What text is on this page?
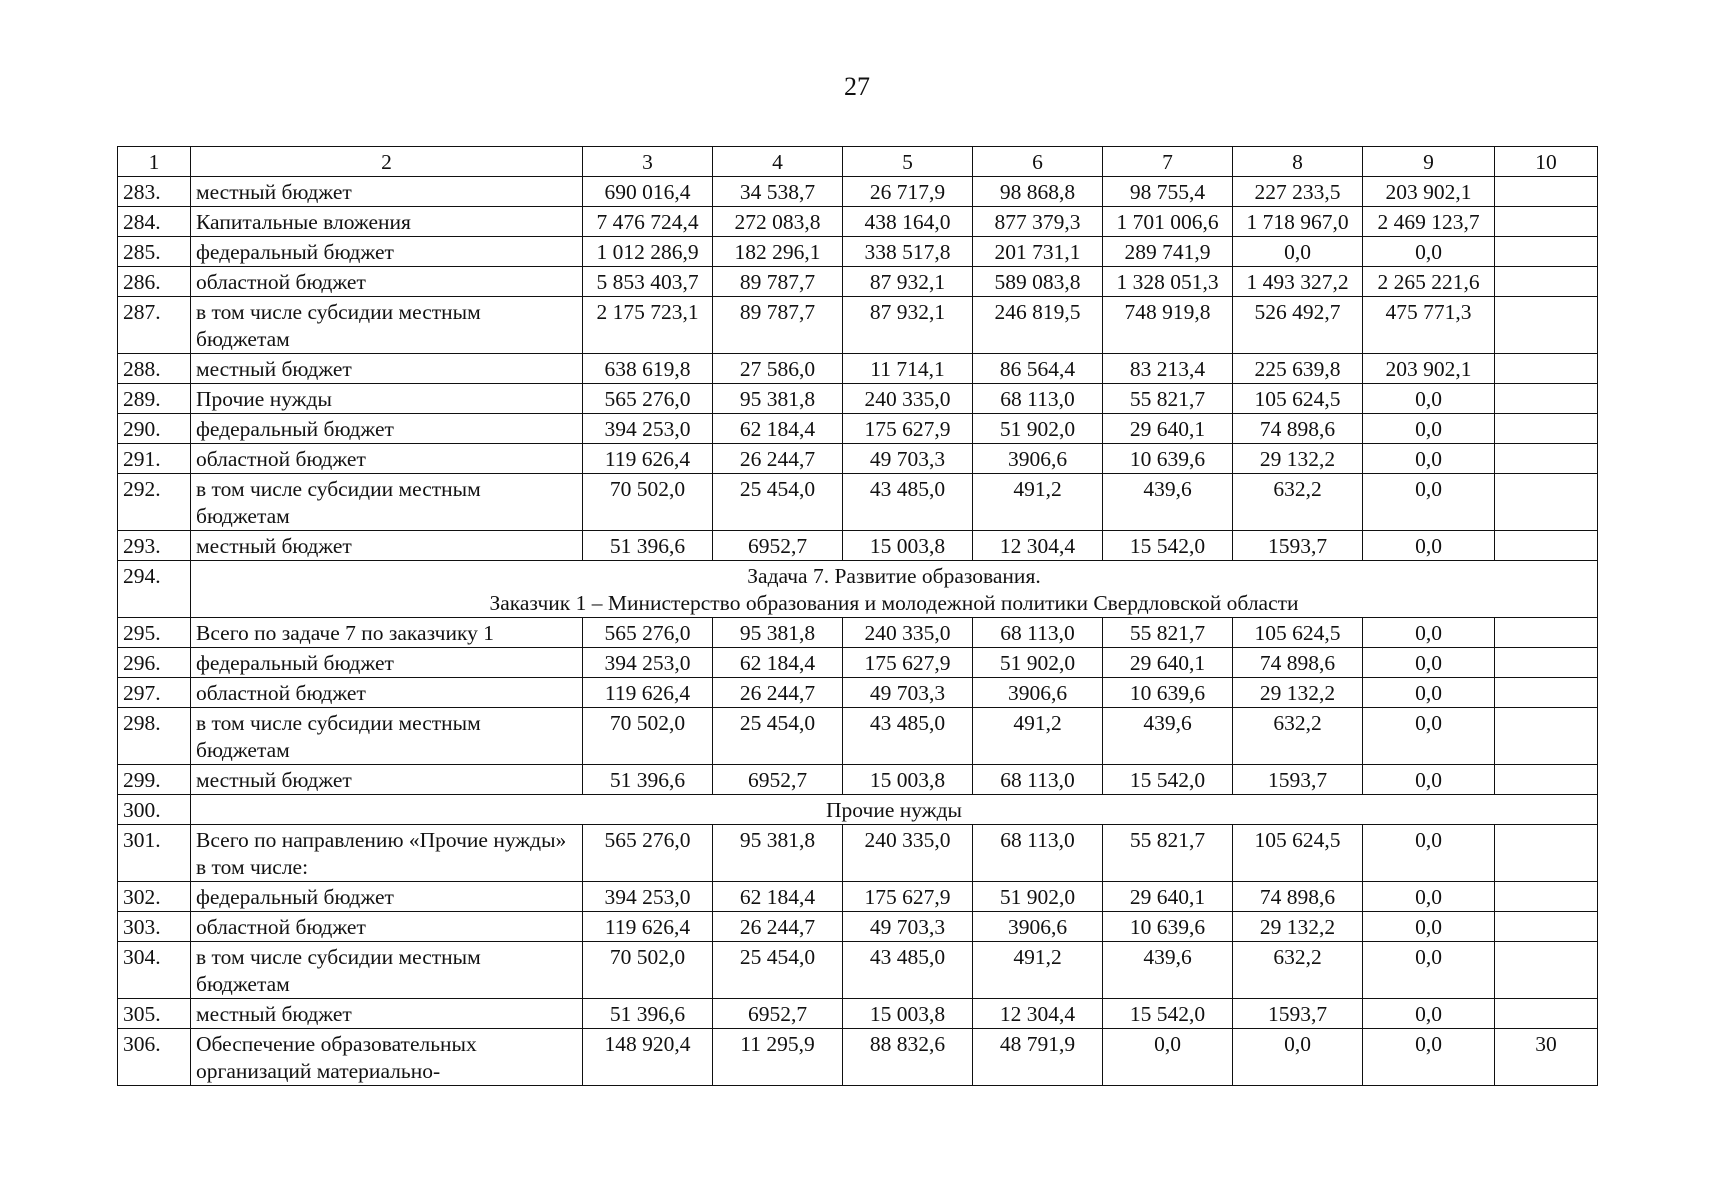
27
1	2	3	4	5	6	7	8	9	10
283.	местный бюджет	690 016,4	34 538,7	26 717,9	98 868,8	98 755,4	227 233,5	203 902,1	
284.	Капитальные вложения	7 476 724,4	272 083,8	438 164,0	877 379,3	1 701 006,6	1 718 967,0	2 469 123,7	
285.	федеральный бюджет	1 012 286,9	182 296,1	338 517,8	201 731,1	289 741,9	0,0	0,0	
286.	областной бюджет	5 853 403,7	89 787,7	87 932,1	589 083,8	1 328 051,3	1 493 327,2	2 265 221,6	
287.	в том числе субсидии местным бюджетам	2 175 723,1	89 787,7	87 932,1	246 819,5	748 919,8	526 492,7	475 771,3	
288.	местный бюджет	638 619,8	27 586,0	11 714,1	86 564,4	83 213,4	225 639,8	203 902,1	
289.	Прочие нужды	565 276,0	95 381,8	240 335,0	68 113,0	55 821,7	105 624,5	0,0	
290.	федеральный бюджет	394 253,0	62 184,4	175 627,9	51 902,0	29 640,1	74 898,6	0,0	
291.	областной бюджет	119 626,4	26 244,7	49 703,3	3906,6	10 639,6	29 132,2	0,0	
292.	в том числе субсидии местным бюджетам	70 502,0	25 454,0	43 485,0	491,2	439,6	632,2	0,0	
293.	местный бюджет	51 396,6	6952,7	15 003,8	12 304,4	15 542,0	1593,7	0,0	
294.	Задача 7. Развитие образования.
Заказчик 1 – Министерство образования и молодежной политики Свердловской области								

295.	Всего по задаче 7 по заказчику 1	565 276,0	95 381,8	240 335,0	68 113,0	55 821,7	105 624,5	0,0	
296.	федеральный бюджет	394 253,0	62 184,4	175 627,9	51 902,0	29 640,1	74 898,6	0,0	
297.	областной бюджет	119 626,4	26 244,7	49 703,3	3906,6	10 639,6	29 132,2	0,0	
298.	в том числе субсидии местным бюджетам	70 502,0	25 454,0	43 485,0	491,2	439,6	632,2	0,0	
299.	местный бюджет	51 396,6	6952,7	15 003,8	68 113,0	15 542,0	1593,7	0,0	
300.	Прочие нужды								

301.	Всего по направлению «Прочие нужды» в том числе:	565 276,0	95 381,8	240 335,0	68 113,0	55 821,7	105 624,5	0,0	
302.	федеральный бюджет	394 253,0	62 184,4	175 627,9	51 902,0	29 640,1	74 898,6	0,0	
303.	областной бюджет	119 626,4	26 244,7	49 703,3	3906,6	10 639,6	29 132,2	0,0	
304.	в том числе субсидии местным бюджетам	70 502,0	25 454,0	43 485,0	491,2	439,6	632,2	0,0	
305.	местный бюджет	51 396,6	6952,7	15 003,8	12 304,4	15 542,0	1593,7	0,0	
306.	Обеспечение образовательных организаций материально-	148 920,4	11 295,9	88 832,6	48 791,9	0,0	0,0	0,0	30
